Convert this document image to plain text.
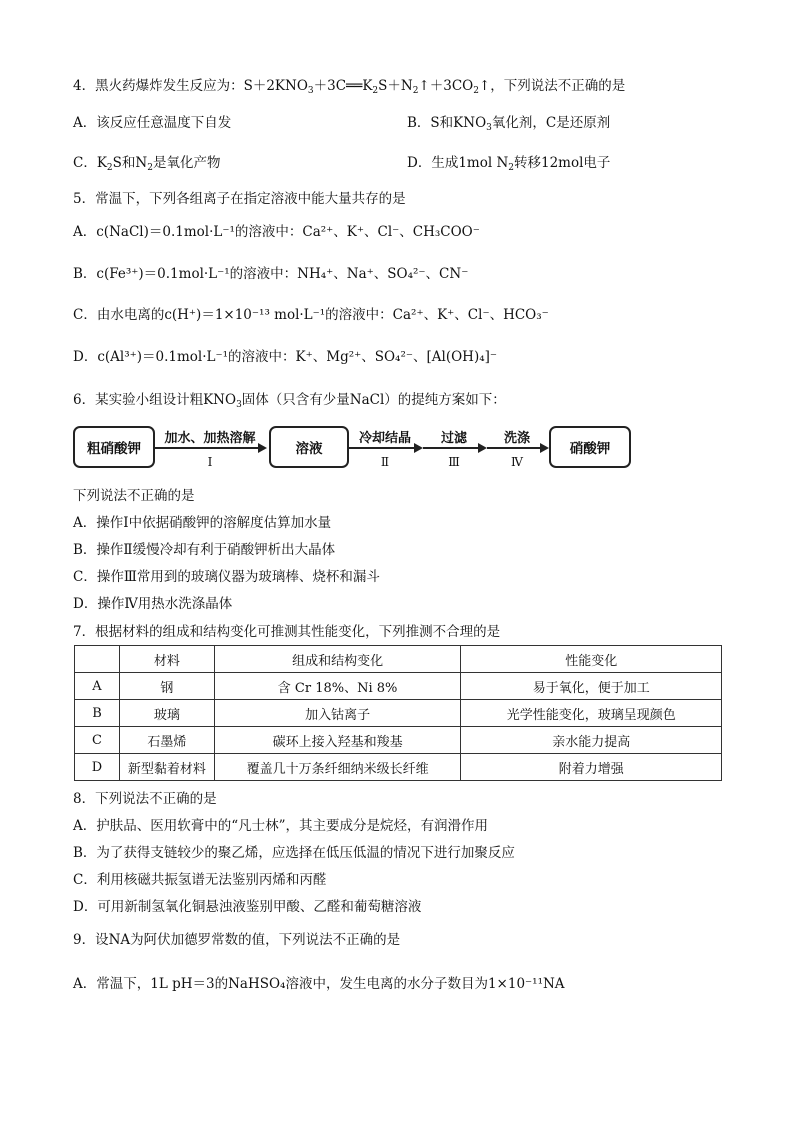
4．黑火药爆炸发生反应为：$S+2KNO_3+3C══K_2S+N_2↑+3CO_2↑$，下列说法不正确的是
A．该反应任意温度下自发	B．S和$KNO_3$氧化剂，C是还原剂
C．$K_2S$和$N_2$是氧化产物	D．生成1mol $N_2$转移12mol电子
5．常温下，下列各组离子在指定溶液中能大量共存的是
A．c(NaCl)＝0.1mol·L⁻¹的溶液中：Ca²⁺、K⁺、Cl⁻、CH₃COO⁻
B．c(Fe³⁺)＝0.1mol·L⁻¹的溶液中：NH₄⁺、Na⁺、SO₄²⁻、CN⁻
C．由水电离的c(H⁺)＝1×10⁻¹³ mol·L⁻¹的溶液中：Ca²⁺、K⁺、Cl⁻、HCO₃⁻
D．c(Al³⁺)＝0.1mol·L⁻¹的溶液中：K⁺、Mg²⁺、SO₄²⁻、[Al(OH)₄]⁻
6．某实验小组设计粗$KNO_3$固体（只含有少量NaCl）的提纯方案如下：
粗硝酸钾
加水、加热溶解
Ⅰ
溶液
冷却结晶
Ⅱ
过滤
Ⅲ
洗涤
Ⅳ
硝酸钾
下列说法不正确的是
A．操作Ⅰ中依据硝酸钾的溶解度估算加水量
B．操作Ⅱ缓慢冷却有利于硝酸钾析出大晶体
C．操作Ⅲ常用到的玻璃仪器为玻璃棒、烧杯和漏斗
D．操作Ⅳ用热水洗涤晶体
7．根据材料的组成和结构变化可推测其性能变化，下列推测不合理的是
	材料	组成和结构变化	性能变化
A	钢	含 Cr 18%、Ni 8%	易于氧化，便于加工
B	玻璃	加入钴离子	光学性能变化，玻璃呈现颜色
C	石墨烯	碳环上接入羟基和羧基	亲水能力提高
D	新型黏着材料	覆盖几十万条纤细纳米级长纤维	附着力增强
8．下列说法不正确的是
A．护肤品、医用软膏中的“凡士林”，其主要成分是烷烃，有润滑作用
B．为了获得支链较少的聚乙烯，应选择在低压低温的情况下进行加聚反应
C．利用核磁共振氢谱无法鉴别丙烯和丙醛
D．可用新制氢氧化铜悬浊液鉴别甲酸、乙醛和葡萄糖溶液
9．设NA为阿伏加德罗常数的值，下列说法不正确的是
A．常温下，1L pH＝3的NaHSO₄溶液中，发生电离的水分子数目为1×10⁻¹¹NA
